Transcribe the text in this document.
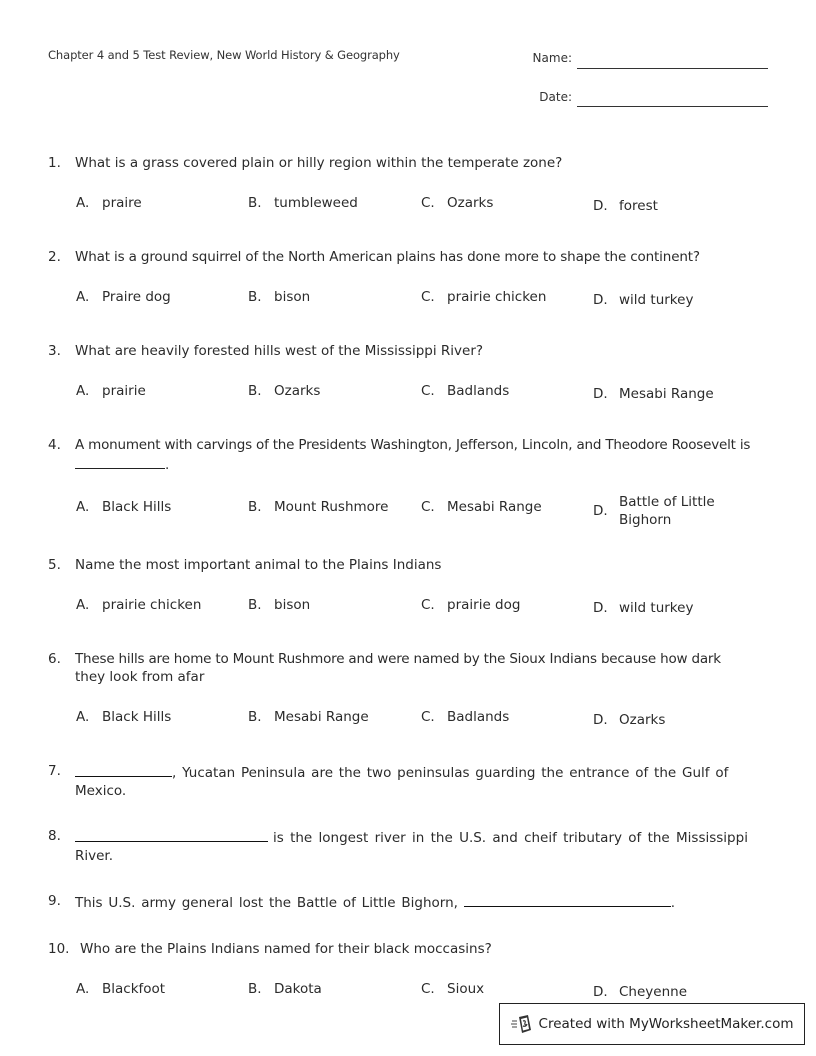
Chapter 4 and 5 Test Review, New World History & Geography	Name:
Date:
1. What is a grass covered plain or hilly region within the temperate zone?
A. praire	B. tumbleweed	C. Ozarks	D. forest
2. What is a ground squirrel of the North American plains has done more to shape the continent?
A. Praire dog	B. bison	C. prairie chicken	D. wild turkey
3. What are heavily forested hills west of the Mississippi River?
A. prairie	B. Ozarks	C. Badlands	D. Mesabi Range
4. A monument with carvings of the Presidents Washington, Jefferson, Lincoln, and Theodore Roosevelt is
.
A. Black Hills	B. Mount Rushmore C. Mesabi Range	D.
Battle of Little
Bighorn
5. Name the most important animal to the Plains Indians
A. prairie chicken	B. bison	C. prairie dog	D. wild turkey
6. These hills are home to Mount Rushmore and were named by the Sioux Indians because how dark
they look from afar
A. Black Hills	B. Mesabi Range	C. Badlands	D. Ozarks
7.	, Yucatan Peninsula are the two peninsulas guarding the entrance of the Gulf of
Mexico.
8.	is the longest river in the U.S. and cheif tributary of the Mississippi
River.
9. This U.S. army general lost the Battle of Little Bighorn,	.
10. Who are the Plains Indians named for their black moccasins?
A. Blackfoot	B. Dakota	C. Sioux	D. Cheyenne
Created with MyWorksheetMaker.com
